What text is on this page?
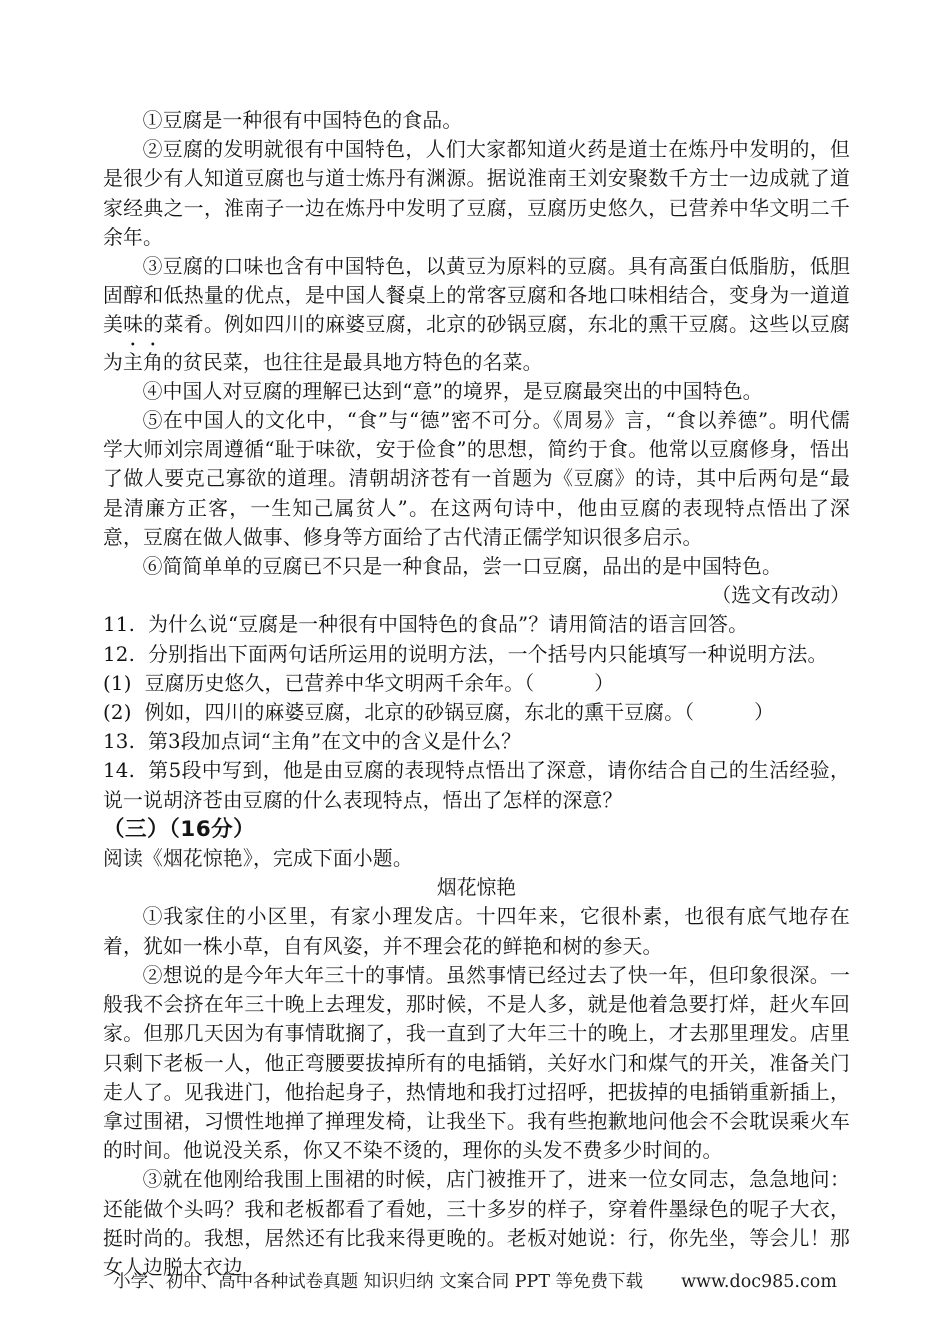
①豆腐是一种很有中国特色的食品。

②豆腐的发明就很有中国特色，人们大家都知道火药是道士在炼丹中发明的，但是很少有人知道豆腐也与道士炼丹有渊源。据说淮南王刘安聚数千方士一边成就了道家经典之一，淮南子一边在炼丹中发明了豆腐，豆腐历史悠久，已营养中华文明二千余年。

③豆腐的口味也含有中国特色，以黄豆为原料的豆腐。具有高蛋白低脂肪，低胆固醇和低热量的优点，是中国人餐桌上的常客豆腐和各地口味相结合，变身为一道道美味的菜肴。例如四川的麻婆豆腐，北京的砂锅豆腐，东北的熏干豆腐。这些以豆腐为主角的贫民菜，也往往是最具地方特色的名菜。

④中国人对豆腐的理解已达到“意”的境界，是豆腐最突出的中国特色。

⑤在中国人的文化中，“食”与“德”密不可分。《周易》言，“食以养德”。明代儒学大师刘宗周遵循“耻于味欲，安于俭食”的思想，简约于食。他常以豆腐修身，悟出了做人要克己寡欲的道理。清朝胡济苍有一首题为《豆腐》的诗，其中后两句是“最是清廉方正客，一生知己属贫人”。在这两句诗中，他由豆腐的表现特点悟出了深意，豆腐在做人做事、修身等方面给了古代清正儒学知识很多启示。

⑥简简单单的豆腐已不只是一种食品，尝一口豆腐，品出的是中国特色。

（选文有改动）

11. 为什么说“豆腐是一种很有中国特色的食品”？请用简洁的语言回答。
12. 分别指出下面两句话所运用的说明方法，一个括号内只能填写一种说明方法。
(1) 豆腐历史悠久，已营养中华文明两千余年。（　　　）
(2) 例如，四川的麻婆豆腐，北京的砂锅豆腐，东北的熏干豆腐。（　　　）
13. 第3段加点词“主角”在文中的含义是什么？
14. 第5段中写到，他是由豆腐的表现特点悟出了深意，请你结合自己的生活经验，说一说胡济苍由豆腐的什么表现特点，悟出了怎样的深意？
（三）（16分）

阅读《烟花惊艳》，完成下面小题。

烟花惊艳

①我家住的小区里，有家小理发店。十四年来，它很朴素，也很有底气地存在着，犹如一株小草，自有风姿，并不理会花的鲜艳和树的参天。

②想说的是今年大年三十的事情。虽然事情已经过去了快一年，但印象很深。一般我不会挤在年三十晚上去理发，那时候，不是人多，就是他着急要打烊，赶火车回家。但那几天因为有事情耽搁了，我一直到了大年三十的晚上，才去那里理发。店里只剩下老板一人，他正弯腰要拔掉所有的电插销，关好水门和煤气的开关，准备关门走人了。见我进门，他抬起身子，热情地和我打过招呼，把拔掉的电插销重新插上，拿过围裙，习惯性地掸了掸理发椅，让我坐下。我有些抱歉地问他会不会耽误乘火车的时间。他说没关系，你又不染不烫的，理你的头发不费多少时间的。

③就在他刚给我围上围裙的时候，店门被推开了，进来一位女同志，急急地问：还能做个头吗？我和老板都看了看她，三十多岁的样子，穿着件墨绿色的呢子大衣，挺时尚的。我想，居然还有比我来得更晚的。老板对她说：行，你先坐，等会儿！那女人边脱大衣边

小学、初中、高中各种试卷真题 知识归纳 文案合同 PPT 等免费下载 www.doc985.com
